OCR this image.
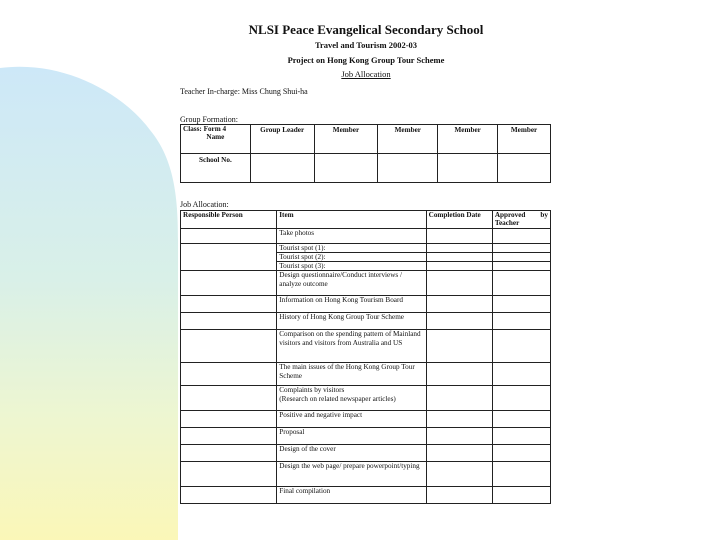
NLSI Peace Evangelical Secondary School
Travel and Tourism 2002-03
Project on Hong Kong Group Tour Scheme
Job Allocation
Teacher In-charge: Miss Chung Shui-ha
Group Formation:
Class: Form 4
Name	Group Leader	Member	Member	Member	Member
School No.					
Job Allocation:
Responsible Person	Item	Completion Date	Approved by
Teacher

	Take photos		
	Tourist spot (1):		
	Tourist spot (2):		
	Tourist spot (3):		
	Design questionnaire/Conduct interviews / analyze outcome		
	Information on Hong Kong Tourism Board		
	History of Hong Kong Group Tour Scheme		
	Comparison on the spending pattern of Mainland visitors and visitors from Australia and US		
	The main issues of the Hong Kong Group Tour Scheme		

	Complaints by visitors
(Research on related newspaper articles)		

	Positive and negative impact		
	Proposal		
	Design of the cover		
	Design the web page/ prepare powerpoint/typing		
	Final compilation		
